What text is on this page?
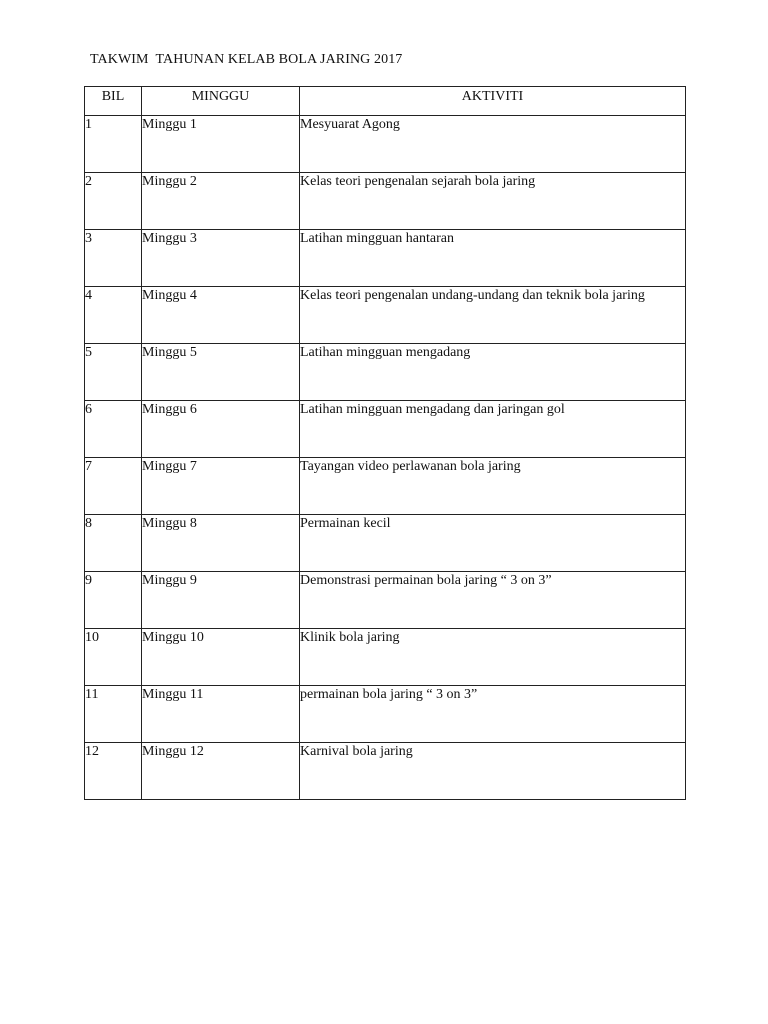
TAKWIM  TAHUNAN KELAB BOLA JARING 2017
BIL	MINGGU	AKTIVITI
1	Minggu 1	Mesyuarat Agong
2	Minggu 2	Kelas teori pengenalan sejarah bola jaring
3	Minggu 3	Latihan mingguan hantaran
4	Minggu 4	Kelas teori pengenalan undang-undang dan teknik bola jaring
5	Minggu 5	Latihan mingguan mengadang
6	Minggu 6	Latihan mingguan mengadang dan jaringan gol
7	Minggu 7	Tayangan video perlawanan bola jaring
8	Minggu 8	Permainan kecil
9	Minggu 9	Demonstrasi permainan bola jaring “ 3 on 3”
10	Minggu 10	Klinik bola jaring
11	Minggu 11	permainan bola jaring “ 3 on 3”
12	Minggu 12	Karnival bola jaring
